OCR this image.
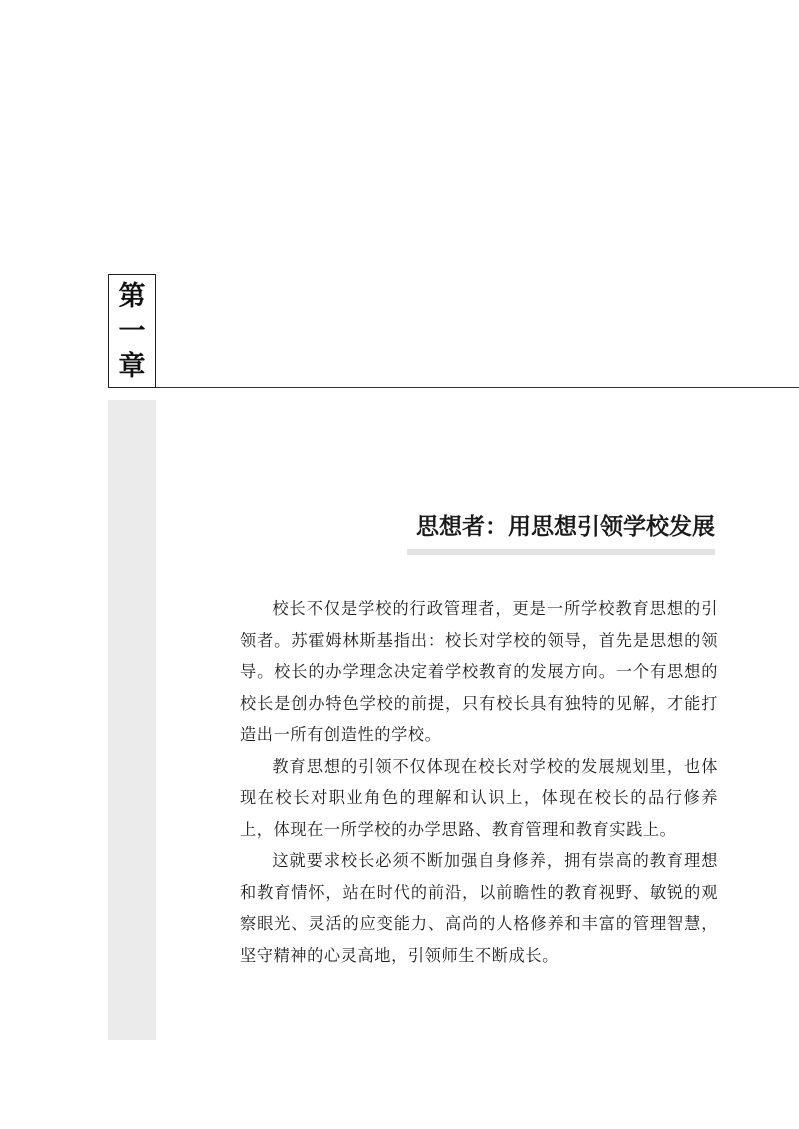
第
一
章
思想者：用思想引领学校发展

校长不仅是学校的行政管理者，更是一所学校教育思想的引领者。苏霍姆林斯基指出：校长对学校的领导，首先是思想的领导。校长的办学理念决定着学校教育的发展方向。一个有思想的校长是创办特色学校的前提，只有校长具有独特的见解，才能打造出一所有创造性的学校。

教育思想的引领不仅体现在校长对学校的发展规划里，也体现在校长对职业角色的理解和认识上，体现在校长的品行修养上，体现在一所学校的办学思路、教育管理和教育实践上。

这就要求校长必须不断加强自身修养，拥有崇高的教育理想和教育情怀，站在时代的前沿，以前瞻性的教育视野、敏锐的观察眼光、灵活的应变能力、高尚的人格修养和丰富的管理智慧，坚守精神的心灵高地，引领师生不断成长。
